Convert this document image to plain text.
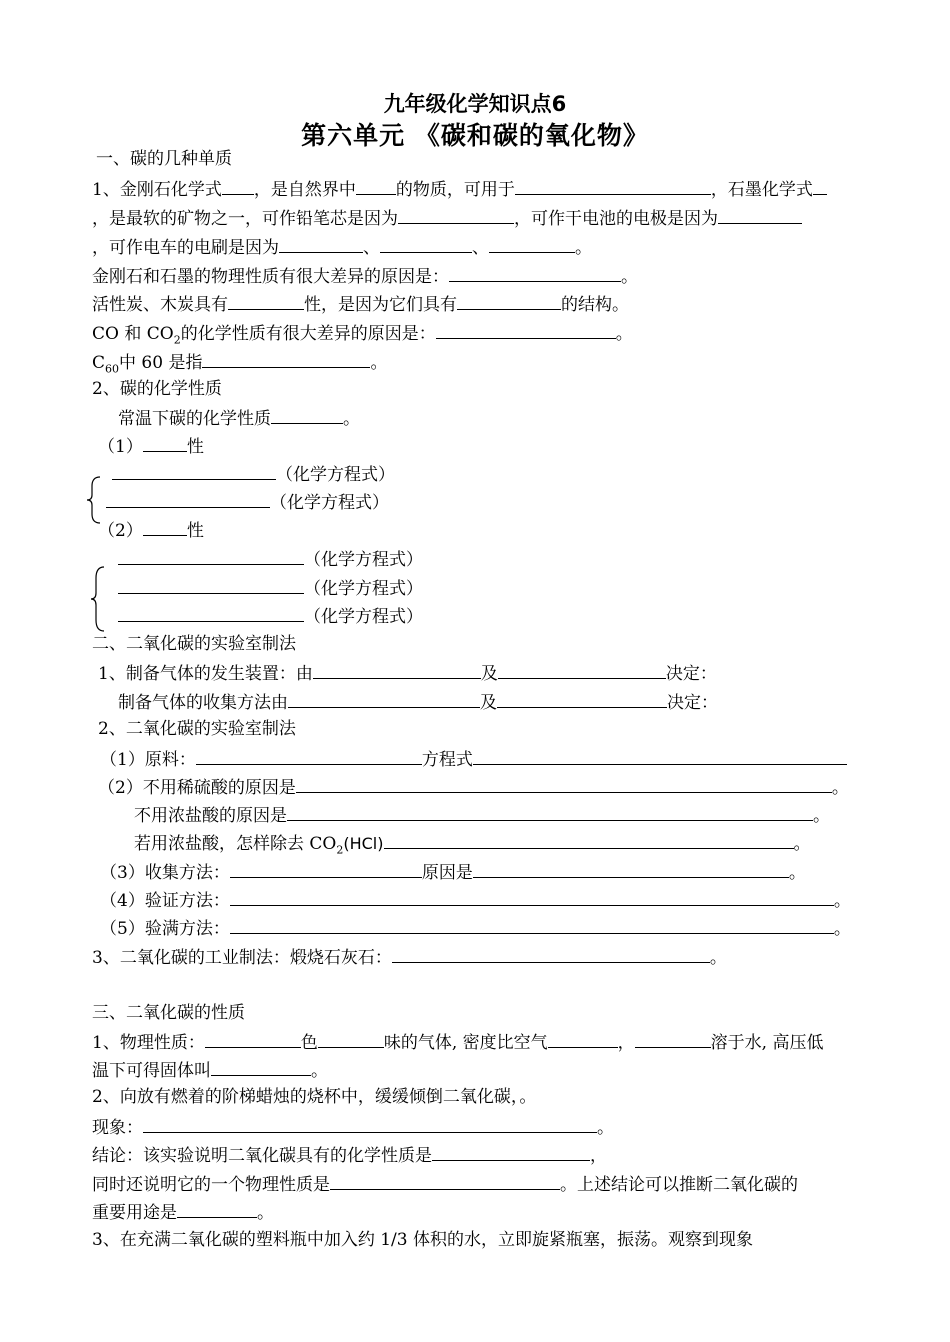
九年级化学知识点6
第六单元 《碳和碳的氧化物》
一、碳的几种单质
1、金刚石化学式 ，是自然界中 的物质，可用于	，石墨化学式
，是最软的矿物之一，可作铅笔芯是因为	，可作干电池的电极是因为
，可作电车的电刷是因为	、	、	。
金刚石和石墨的物理性质有很大差异的原因是：	。
活性炭、木炭具有	性，是因为它们具有	的结构。
CO 和 $CO_2$的化学性质有很大差异的原因是：	。
$C_{60}$中 60 是指	。
2、碳的化学性质
常温下碳的化学性质	。
（1）	性
（化学方程式）
（化学方程式）
（2）	性
（化学方程式）
（化学方程式）
（化学方程式）
二、二氧化碳的实验室制法
1、制备气体的发生装置：由	及	决定：
制备气体的收集方法由	及	决定：
2、二氧化碳的实验室制法
（1）原料：	方程式
（2）不用稀硫酸的原因是	。
不用浓盐酸的原因是	。
若用浓盐酸，怎样除去 $CO_2(HCl)$	。
（3）收集方法：	原因是	。
（4）验证方法：	。
（5）验满方法：	。
3、二氧化碳的工业制法：煅烧石灰石：	。
三、二氧化碳的性质
1、物理性质：	色	味的气体, 密度比空气	，	溶于水, 高压低
温下可得固体叫	。
2、向放有燃着的阶梯蜡烛的烧杯中，缓缓倾倒二氧化碳，。
现象：	。
结论：该实验说明二氧化碳具有的化学性质是	，
同时还说明它的一个物理性质是	。上述结论可以推断二氧化碳的
重要用途是	。
3、在充满二氧化碳的塑料瓶中加入约 1/3 体积的水，立即旋紧瓶塞，振荡。观察到现象
